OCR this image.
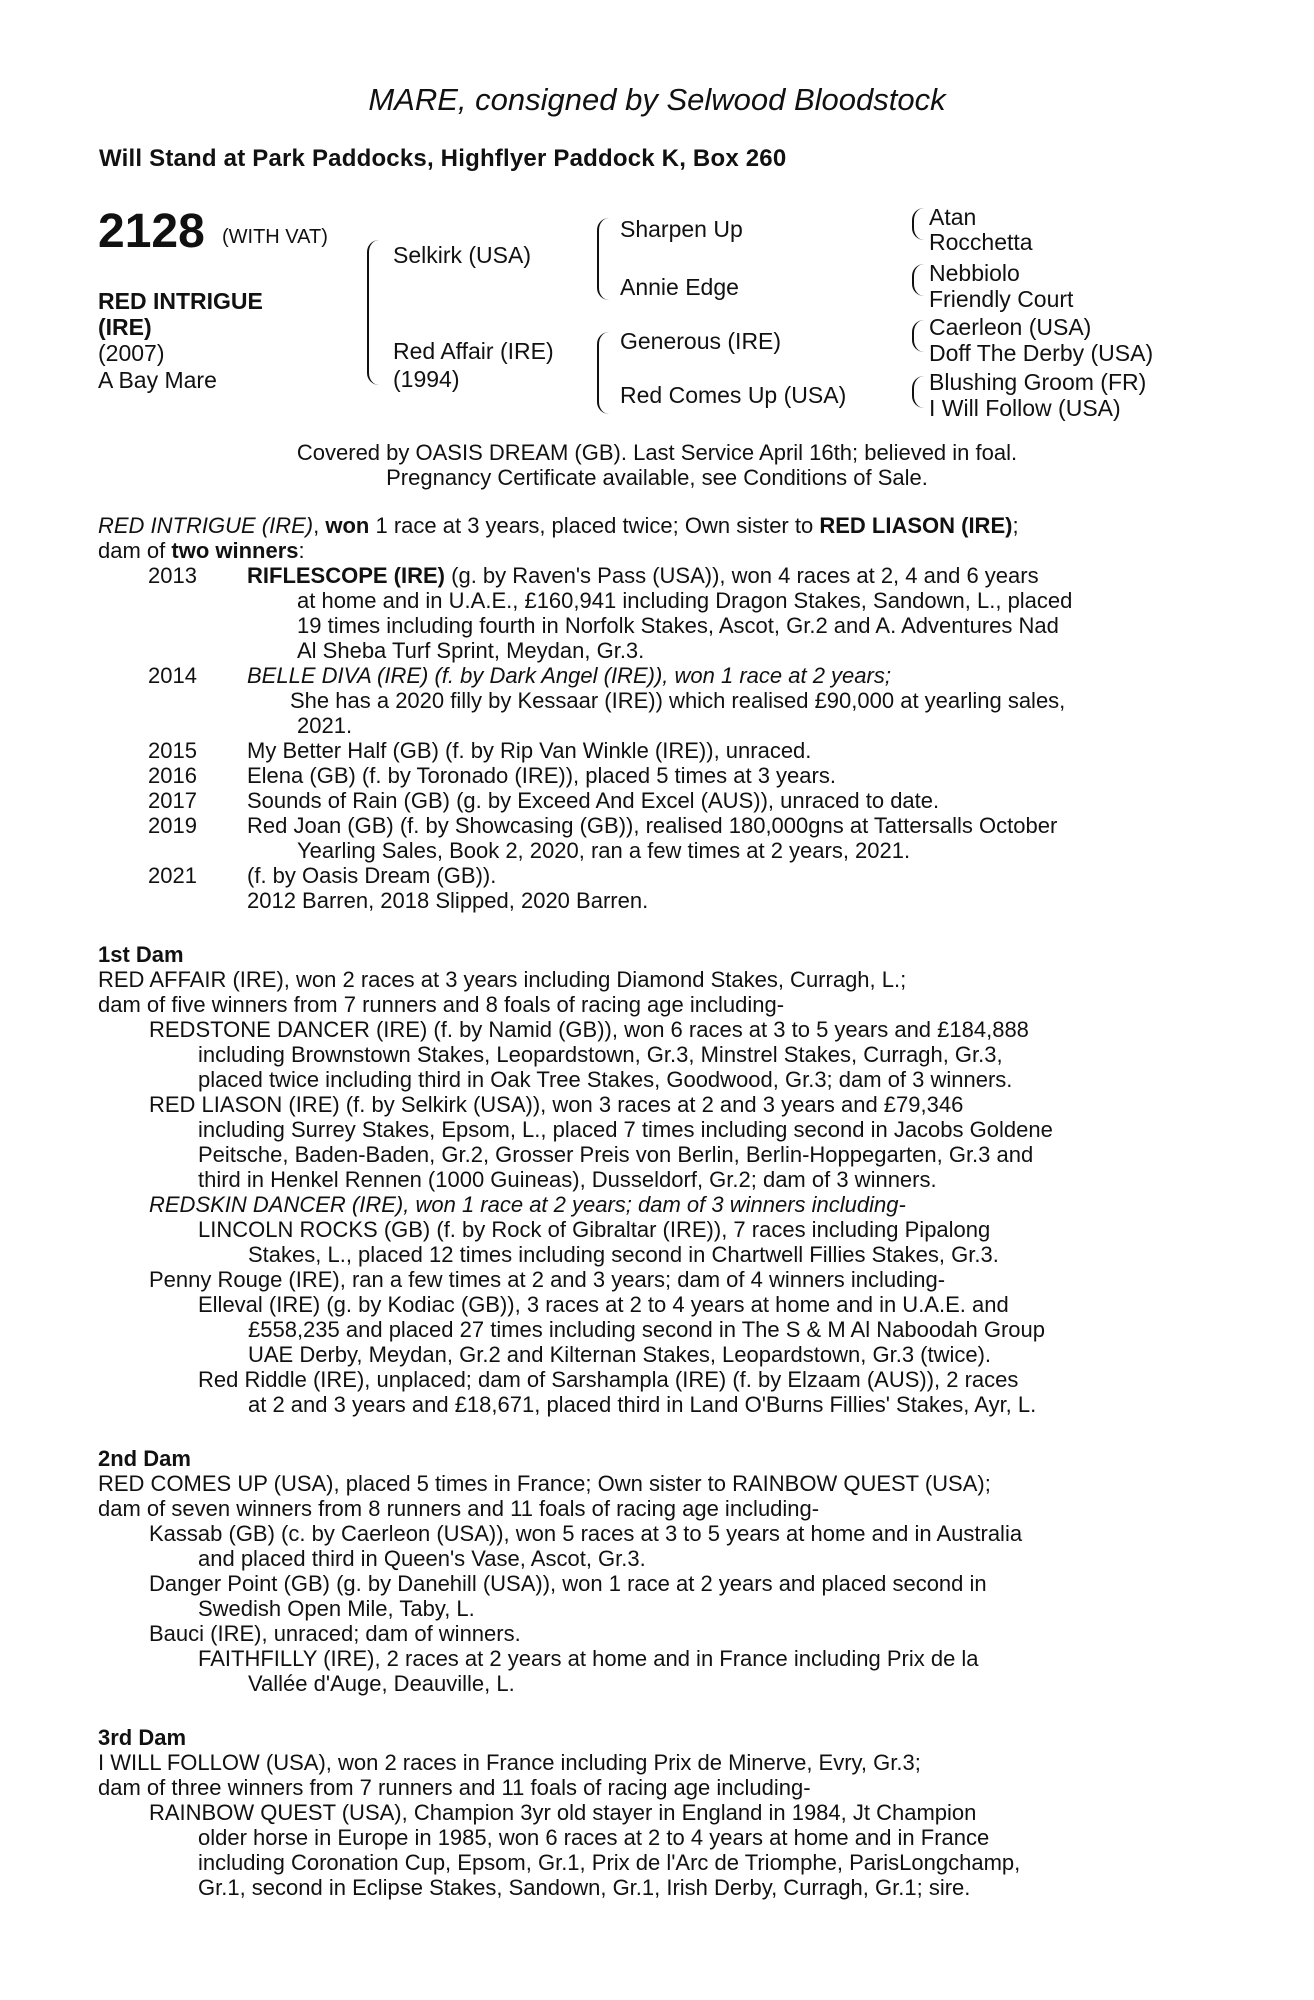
MARE, consigned by Selwood Bloodstock
Will Stand at Park Paddocks, Highflyer Paddock K, Box 260
2128 (WITH VAT)
RED INTRIGUE
(IRE)
(2007)
A Bay Mare
Selkirk (USA)
Red Affair (IRE)
(1994)
Sharpen Up
Annie Edge
Generous (IRE)
Red Comes Up (USA)
Atan
Rocchetta
Nebbiolo
Friendly Court
Caerleon (USA)
Doff The Derby (USA)
Blushing Groom (FR)
I Will Follow (USA)
Covered by OASIS DREAM (GB). Last Service April 16th; believed in foal.
Pregnancy Certificate available, see Conditions of Sale.
RED INTRIGUE (IRE), won 1 race at 3 years, placed twice; Own sister to RED LIASON (IRE);
dam of two winners:
2013 RIFLESCOPE (IRE) (g. by Raven's Pass (USA)), won 4 races at 2, 4 and 6 years
at home and in U.A.E., £160,941 including Dragon Stakes, Sandown, L., placed
19 times including fourth in Norfolk Stakes, Ascot, Gr.2 and A. Adventures Nad
Al Sheba Turf Sprint, Meydan, Gr.3.
2014 BELLE DIVA (IRE) (f. by Dark Angel (IRE)), won 1 race at 2 years;
She has a 2020 filly by Kessaar (IRE)) which realised £90,000 at yearling sales,
2021.
2015 My Better Half (GB) (f. by Rip Van Winkle (IRE)), unraced.
2016 Elena (GB) (f. by Toronado (IRE)), placed 5 times at 3 years.
2017 Sounds of Rain (GB) (g. by Exceed And Excel (AUS)), unraced to date.
2019 Red Joan (GB) (f. by Showcasing (GB)), realised 180,000gns at Tattersalls October
Yearling Sales, Book 2, 2020, ran a few times at 2 years, 2021.
2021 (f. by Oasis Dream (GB)).
2012 Barren, 2018 Slipped, 2020 Barren.
1st Dam
RED AFFAIR (IRE), won 2 races at 3 years including Diamond Stakes, Curragh, L.;
dam of five winners from 7 runners and 8 foals of racing age including-
REDSTONE DANCER (IRE) (f. by Namid (GB)), won 6 races at 3 to 5 years and £184,888
including Brownstown Stakes, Leopardstown, Gr.3, Minstrel Stakes, Curragh, Gr.3,
placed twice including third in Oak Tree Stakes, Goodwood, Gr.3; dam of 3 winners.
RED LIASON (IRE) (f. by Selkirk (USA)), won 3 races at 2 and 3 years and £79,346
including Surrey Stakes, Epsom, L., placed 7 times including second in Jacobs Goldene
Peitsche, Baden-Baden, Gr.2, Grosser Preis von Berlin, Berlin-Hoppegarten, Gr.3 and
third in Henkel Rennen (1000 Guineas), Dusseldorf, Gr.2; dam of 3 winners.
REDSKIN DANCER (IRE), won 1 race at 2 years; dam of 3 winners including-
LINCOLN ROCKS (GB) (f. by Rock of Gibraltar (IRE)), 7 races including Pipalong
Stakes, L., placed 12 times including second in Chartwell Fillies Stakes, Gr.3.
Penny Rouge (IRE), ran a few times at 2 and 3 years; dam of 4 winners including-
Elleval (IRE) (g. by Kodiac (GB)), 3 races at 2 to 4 years at home and in U.A.E. and
£558,235 and placed 27 times including second in The S & M Al Naboodah Group
UAE Derby, Meydan, Gr.2 and Kilternan Stakes, Leopardstown, Gr.3 (twice).
Red Riddle (IRE), unplaced; dam of Sarshampla (IRE) (f. by Elzaam (AUS)), 2 races
at 2 and 3 years and £18,671, placed third in Land O'Burns Fillies' Stakes, Ayr, L.
2nd Dam
RED COMES UP (USA), placed 5 times in France; Own sister to RAINBOW QUEST (USA);
dam of seven winners from 8 runners and 11 foals of racing age including-
Kassab (GB) (c. by Caerleon (USA)), won 5 races at 3 to 5 years at home and in Australia
and placed third in Queen's Vase, Ascot, Gr.3.
Danger Point (GB) (g. by Danehill (USA)), won 1 race at 2 years and placed second in
Swedish Open Mile, Taby, L.
Bauci (IRE), unraced; dam of winners.
FAITHFILLY (IRE), 2 races at 2 years at home and in France including Prix de la
Vallée d'Auge, Deauville, L.
3rd Dam
I WILL FOLLOW (USA), won 2 races in France including Prix de Minerve, Evry, Gr.3;
dam of three winners from 7 runners and 11 foals of racing age including-
RAINBOW QUEST (USA), Champion 3yr old stayer in England in 1984, Jt Champion
older horse in Europe in 1985, won 6 races at 2 to 4 years at home and in France
including Coronation Cup, Epsom, Gr.1, Prix de l'Arc de Triomphe, ParisLongchamp,
Gr.1, second in Eclipse Stakes, Sandown, Gr.1, Irish Derby, Curragh, Gr.1; sire.
